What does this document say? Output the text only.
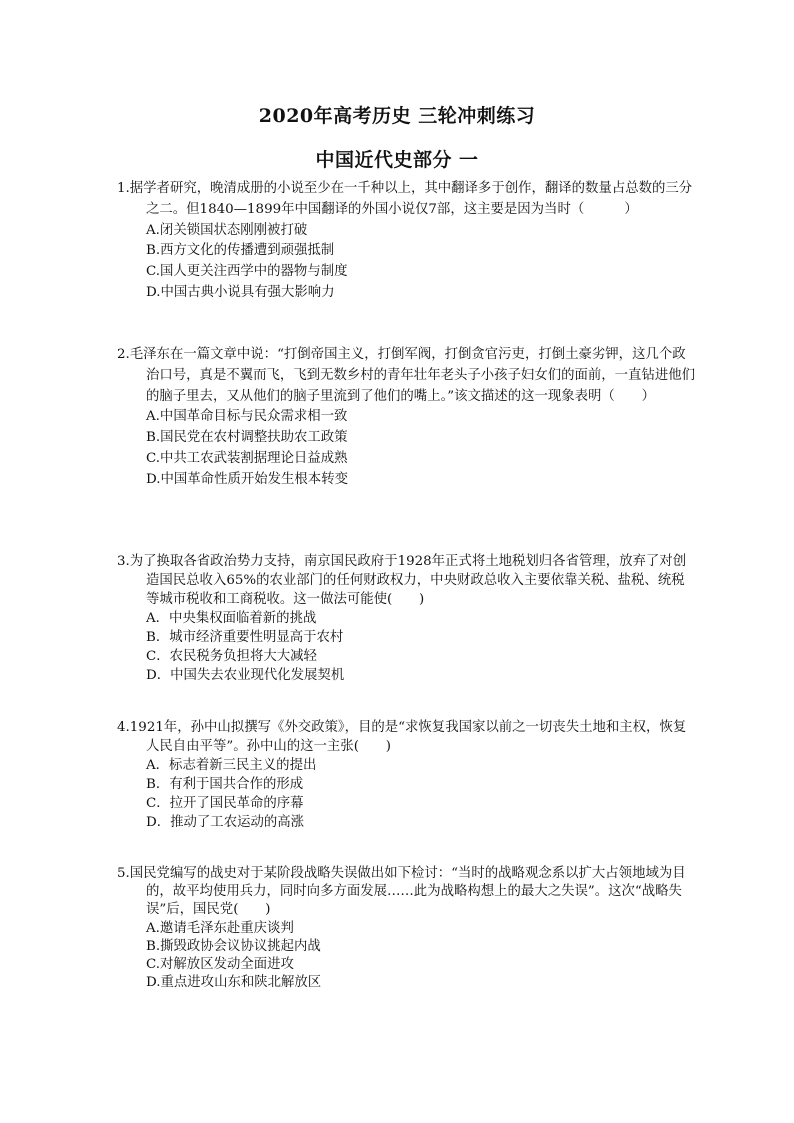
2020年高考历史 三轮冲刺练习
中国近代史部分 一

1.据学者研究，晚清成册的小说至少在一千种以上，其中翻译多于创作，翻译的数量占总数的三分之二。但1840—1899年中国翻译的外国小说仅7部，这主要是因为当时（　　　）

A.闭关锁国状态刚刚被打破
B.西方文化的传播遭到顽强抵制
C.国人更关注西学中的器物与制度
D.中国古典小说具有强大影响力

2.毛泽东在一篇文章中说：“打倒帝国主义，打倒军阀，打倒贪官污吏，打倒土豪劣钾，这几个政治口号，真是不翼而飞，飞到无数乡村的青年壮年老头子小孩子妇女们的面前，一直钻进他们的脑子里去，又从他们的脑子里流到了他们的嘴上。”该文描述的这一现象表明（　　）

A.中国革命目标与民众需求相一致
B.国民党在农村调整扶助农工政策
C.中共工农武装割据理论日益成熟
D.中国革命性质开始发生根本转变

3.为了换取各省政治势力支持，南京国民政府于1928年正式将土地税划归各省管理，放弃了对创造国民总收入65%的农业部门的任何财政权力，中央财政总收入主要依靠关税、盐税、统税等城市税收和工商税收。这一做法可能使(　　)

A．中央集权面临着新的挑战
B．城市经济重要性明显高于农村
C．农民税务负担将大大减轻
D．中国失去农业现代化发展契机

4.1921年，孙中山拟撰写《外交政策》，目的是“求恢复我国家以前之一切丧失土地和主权，恢复人民自由平等”。孙中山的这一主张(　　)

A．标志着新三民主义的提出
B．有利于国共合作的形成
C．拉开了国民革命的序幕
D．推动了工农运动的高涨

5.国民党编写的战史对于某阶段战略失误做出如下检讨：“当时的战略观念系以扩大占领地域为目的，故平均使用兵力，同时向多方面发展……此为战略构想上的最大之失误”。这次“战略失误”后，国民党(　　)

A.邀请毛泽东赴重庆谈判
B.撕毁政协会议协议挑起内战
C.对解放区发动全面进攻
D.重点进攻山东和陕北解放区
